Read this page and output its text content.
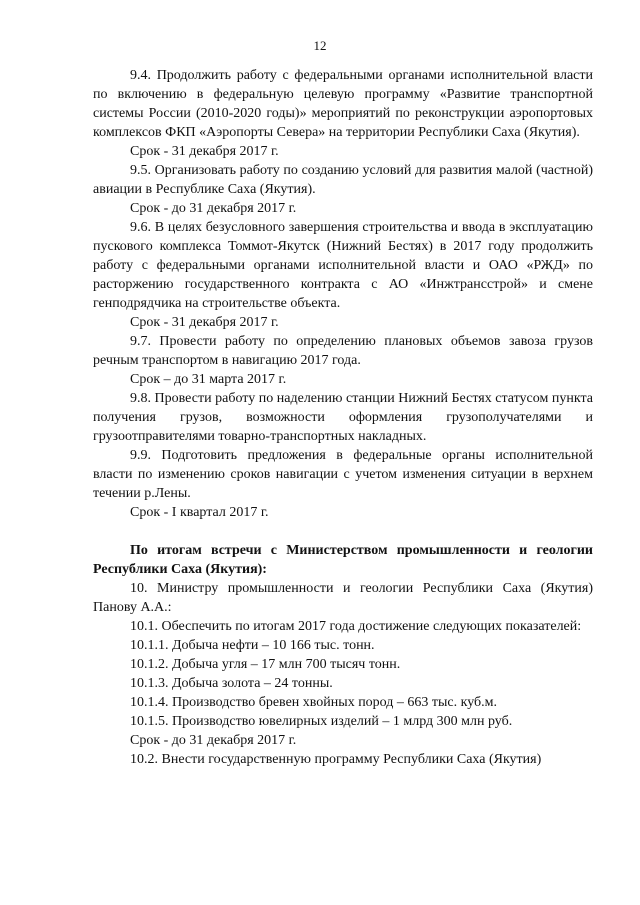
12

9.4. Продолжить работу с федеральными органами исполнительной власти по включению в федеральную целевую программу «Развитие транспортной системы России (2010-2020 годы)» мероприятий по реконструкции аэропортовых комплексов ФКП «Аэропорты Севера» на территории Республики Саха (Якутия).

Срок - 31 декабря 2017 г.

9.5. Организовать работу по созданию условий для развития малой (частной) авиации в Республике Саха (Якутия).

Срок - до 31 декабря 2017 г.

9.6. В целях безусловного завершения строительства и ввода в эксплуатацию пускового комплекса Томмот-Якутск (Нижний Бестях) в 2017 году продолжить работу с федеральными органами исполнительной власти и ОАО «РЖД» по расторжению государственного контракта с АО «Инжтрансстрой» и смене генподрядчика на строительстве объекта.

Срок - 31 декабря 2017 г.

9.7. Провести работу по определению плановых объемов завоза грузов речным транспортом в навигацию 2017 года.

Срок – до 31 марта 2017 г.

9.8. Провести работу по наделению станции Нижний Бестях статусом пункта получения грузов, возможности оформления грузополучателями и грузоотправителями товарно-транспортных накладных.

9.9. Подготовить предложения в федеральные органы исполнительной власти по изменению сроков навигации с учетом изменения ситуации в верхнем течении р.Лены.

Срок - I квартал 2017 г.

По итогам встречи с Министерством промышленности и геологии Республики Саха (Якутия):

10. Министру промышленности и геологии Республики Саха (Якутия) Панову А.А.:

10.1. Обеспечить по итогам 2017 года достижение следующих показателей:

10.1.1. Добыча нефти – 10 166 тыс. тонн.

10.1.2. Добыча угля – 17 млн 700 тысяч тонн.

10.1.3. Добыча золота – 24 тонны.

10.1.4. Производство бревен хвойных пород – 663 тыс. куб.м.

10.1.5. Производство ювелирных изделий – 1 млрд 300 млн руб.

Срок - до 31 декабря 2017 г.

10.2. Внести государственную программу Республики Саха (Якутия)
